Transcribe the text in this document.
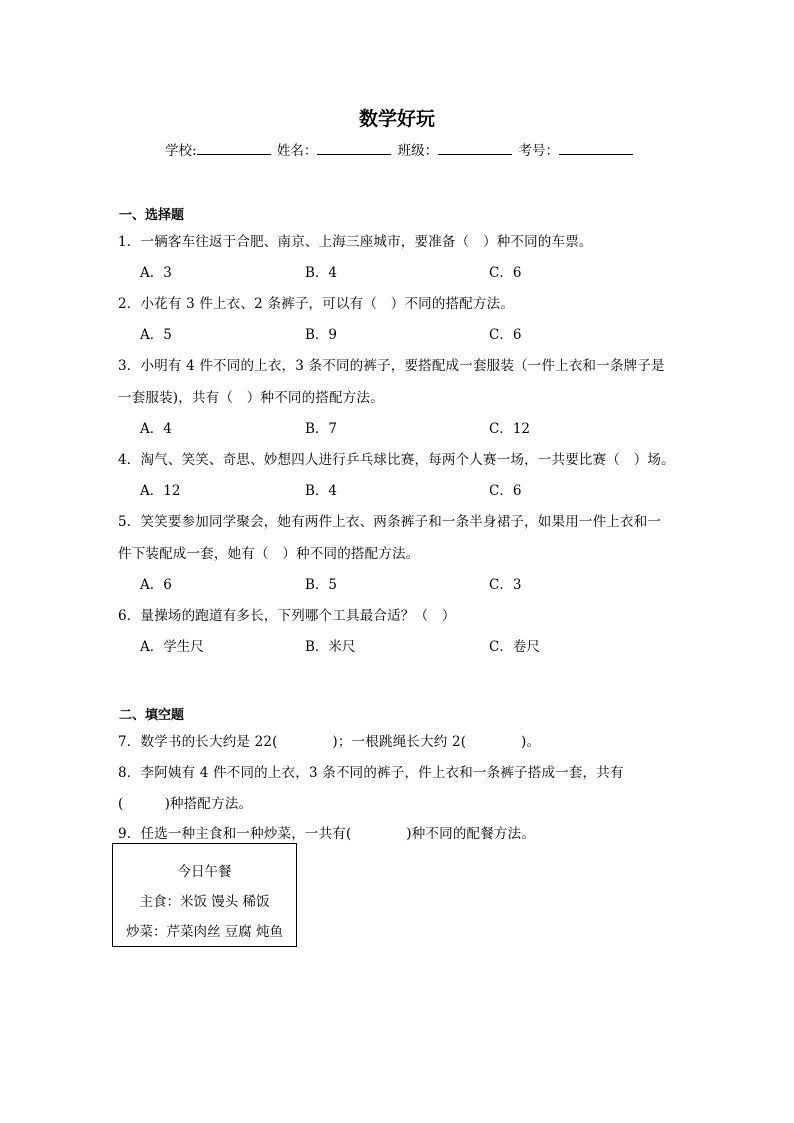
数学好玩
学校:	姓名：	班级：	考号：
一、选择题
1．一辆客车往返于合肥、南京、上海三座城市，要准备（　）种不同的车票。
A．3	B．4	C．6
2．小花有 3 件上衣、2 条裤子，可以有（　）不同的搭配方法。
A．5	B．9	C．6
3．小明有 4 件不同的上衣，3 条不同的裤子，要搭配成一套服装（一件上衣和一条牌子是
一套服装)，共有（　）种不同的搭配方法。
A．4	B．7	C．12
4．淘气、笑笑、奇思、妙想四人进行乒乓球比赛，每两个人赛一场，一共要比赛（　）场。
A．12	B．4	C．6
5．笑笑要参加同学聚会，她有两件上衣、两条裤子和一条半身裙子，如果用一件上衣和一
件下装配成一套，她有（　）种不同的搭配方法。
A．6	B．5	C．3
6．量操场的跑道有多长，下列哪个工具最合适？（　）
A．学生尺	B．米尺	C．卷尺
二、填空题
7．数学书的长大约是 22(　　　　)；一根跳绳长大约 2(　　　　)。
8．李阿姨有 4 件不同的上衣，3 条不同的裤子，件上衣和一条裤子搭成一套，共有
(　　　)种搭配方法。
9．任选一种主食和一种炒菜，一共有(　　　　)种不同的配餐方法。
今日午餐
主食：米饭 馒头 稀饭
炒菜：芹菜肉丝 豆腐 炖鱼
